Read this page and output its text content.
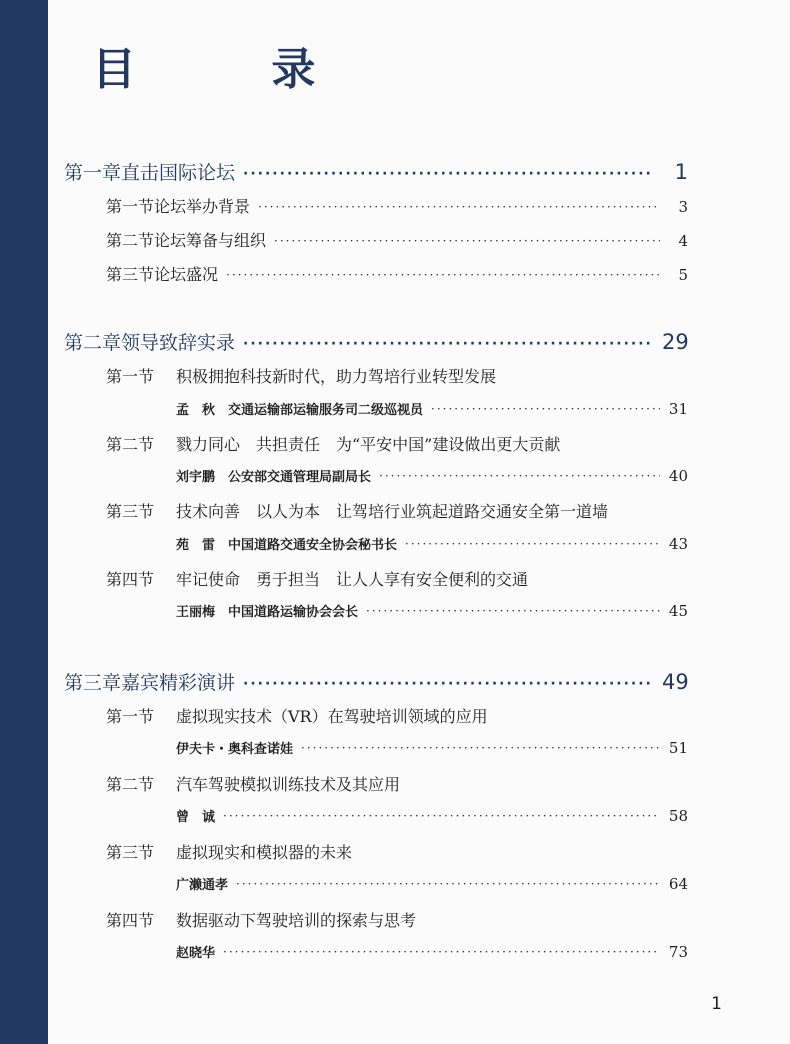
目 录
第一章 直击国际论坛 ·····	1
第一节 论坛举办背景 ·····	3
第二节 论坛筹备与组织 ·····	4
第三节 论坛盛况 ·····	5
第二章 领导致辞实录 ·····	29
第一节 积极拥抱科技新时代，助力驾培行业转型发展
孟　秋　交通运输部运输服务司二级巡视员 ·····	31
第二节 戮力同心　共担责任　为“平安中国”建设做出更大贡献
刘宇鹏　公安部交通管理局副局长 ·····	40
第三节 技术向善　以人为本　让驾培行业筑起道路交通安全第一道墙
苑　雷　中国道路交通安全协会秘书长 ·····	43
第四节 牢记使命　勇于担当　让人人享有安全便利的交通
王丽梅　中国道路运输协会会长 ·····	45
第三章 嘉宾精彩演讲 ·····	49
第一节 虚拟现实技术（VR）在驾驶培训领域的应用
伊夫卡・奥科查诺娃 ·····	51
第二节 汽车驾驶模拟训练技术及其应用
曾　诚 ·····	58
第三节 虚拟现实和模拟器的未来
广濑通孝 ·····	64
第四节 数据驱动下驾驶培训的探索与思考
赵晓华 ·····	73
1
